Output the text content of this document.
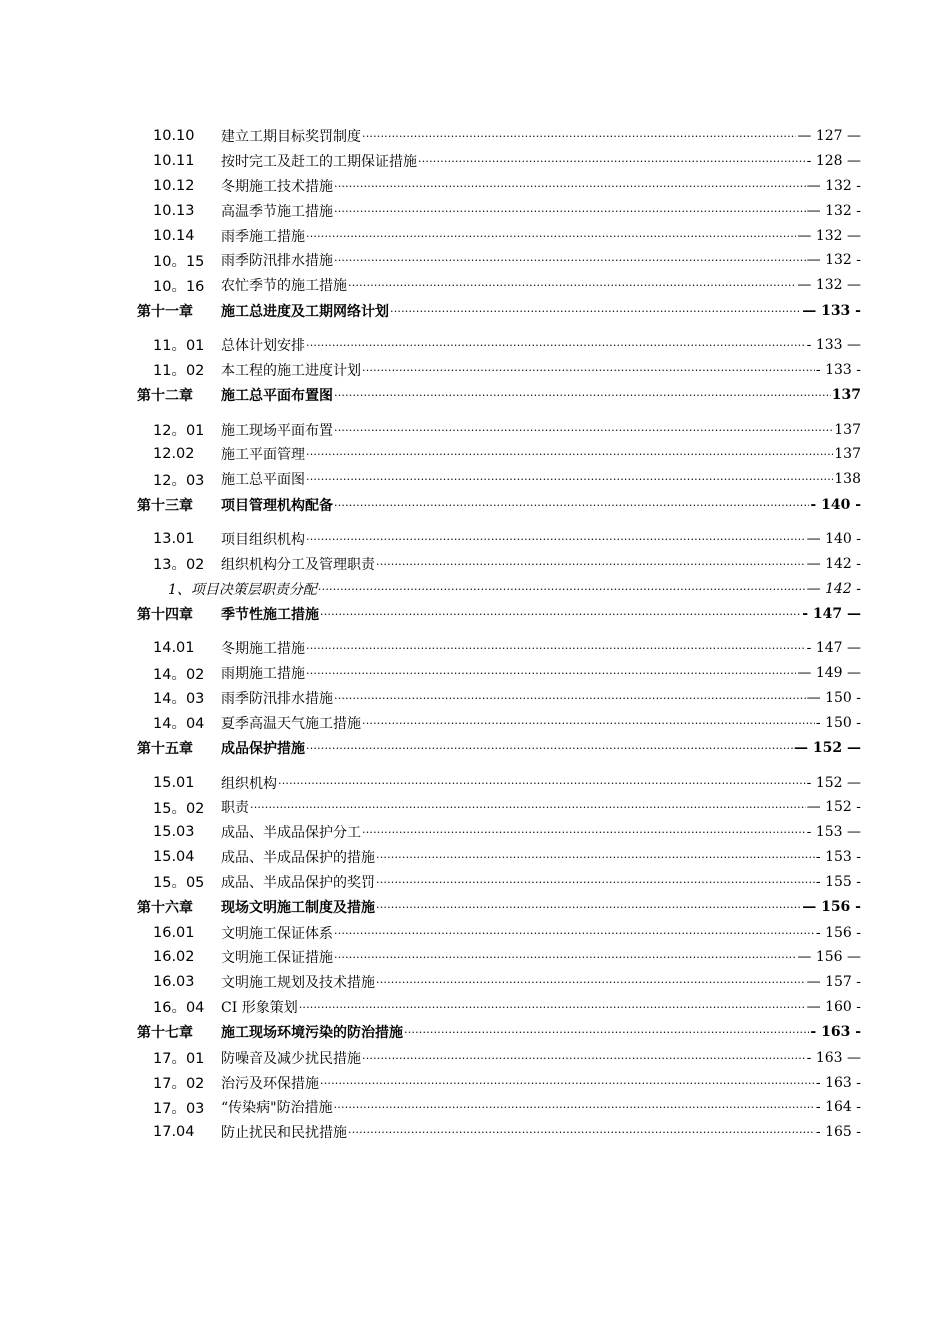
10.10	建立工期目标奖罚制度 .....	— 127 —
10.11	按时完工及赶工的工期保证措施 .....	- 128 —
10.12	冬期施工技术措施 .....	— 132 -
10.13	高温季节施工措施 .....	— 132 -
10.14	雨季施工措施 .....	— 132 —
10。15	雨季防汛排水措施 .....	— 132 -
10。16	农忙季节的施工措施 .....	— 132 —
第十一章	施工总进度及工期网络计划 .....	— 133 -
11。01	总体计划安排 .....	- 133 —
11。02	本工程的施工进度计划 .....	- 133 -
第十二章	施工总平面布置图 .....	137
12。01	施工现场平面布置 .....	137
12.02	施工平面管理 .....	137
12。03	施工总平面图 .....	138
第十三章	项目管理机构配备 .....	- 140 -
13.01	项目组织机构 .....	— 140 -
13。02	组织机构分工及管理职责 .....	— 142 -
1、 项目决策层职责分配 .....	— 142 -
第十四章	季节性施工措施 .....	- 147 —
14.01	冬期施工措施 .....	- 147 —
14。02	雨期施工措施 .....	— 149 —
14。03	雨季防汛排水措施 .....	— 150 -
14。04	夏季高温天气施工措施 .....	- 150 -
第十五章	成品保护措施 .....	— 152 —
15.01	组织机构 .....	- 152 —
15。02	职责 .....	— 152 -
15.03	成品、半成品保护分工 .....	- 153 —
15.04	成品、半成品保护的措施 .....	- 153 -
15。05	成品、半成品保护的奖罚 .....	- 155 -
第十六章	现场文明施工制度及措施 .....	— 156 -
16.01	文明施工保证体系 .....	- 156 -
16.02	文明施工保证措施 .....	— 156 —
16.03	文明施工规划及技术措施 .....	— 157 -
16。04	CI 形象策划 .....	— 160 -
第十七章	施工现场环境污染的防治措施 .....	- 163 -
17。01	防噪音及减少扰民措施 .....	- 163 —
17。02	治污及环保措施 .....	- 163 -
17。03	“传染病"防治措施 .....	- 164 -
17.04	防止扰民和民扰措施 .....	- 165 -
